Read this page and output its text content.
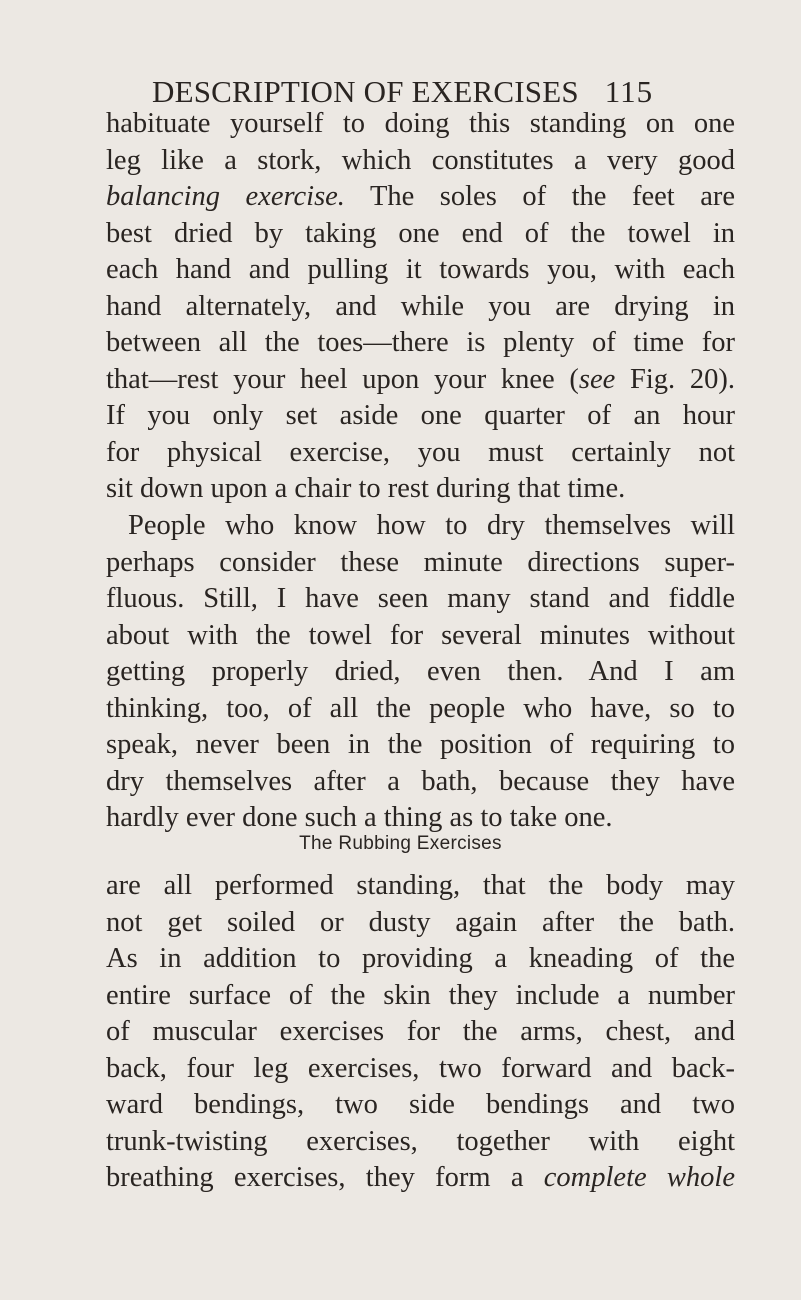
DESCRIPTION OF EXERCISES 115
habituate yourself to doing this standing on one
leg like a stork, which constitutes a very good
balancing exercise. The soles of the feet are
best dried by taking one end of the towel in
each hand and pulling it towards you, with each
hand alternately, and while you are drying in
between all the toes—there is plenty of time for
that—rest your heel upon your knee (see Fig. 20).
If you only set aside one quarter of an hour
for physical exercise, you must certainly not
sit down upon a chair to rest during that time.
People who know how to dry themselves will
perhaps consider these minute directions super-
fluous. Still, I have seen many stand and fiddle
about with the towel for several minutes without
getting properly dried, even then. And I am
thinking, too, of all the people who have, so to
speak, never been in the position of requiring to
dry themselves after a bath, because they have
hardly ever done such a thing as to take one.
The Rubbing Exercises
are all performed standing, that the body may
not get soiled or dusty again after the bath.
As in addition to providing a kneading of the
entire surface of the skin they include a number
of muscular exercises for the arms, chest, and
back, four leg exercises, two forward and back-
ward bendings, two side bendings and two
trunk-twisting exercises, together with eight
breathing exercises, they form a complete whole
